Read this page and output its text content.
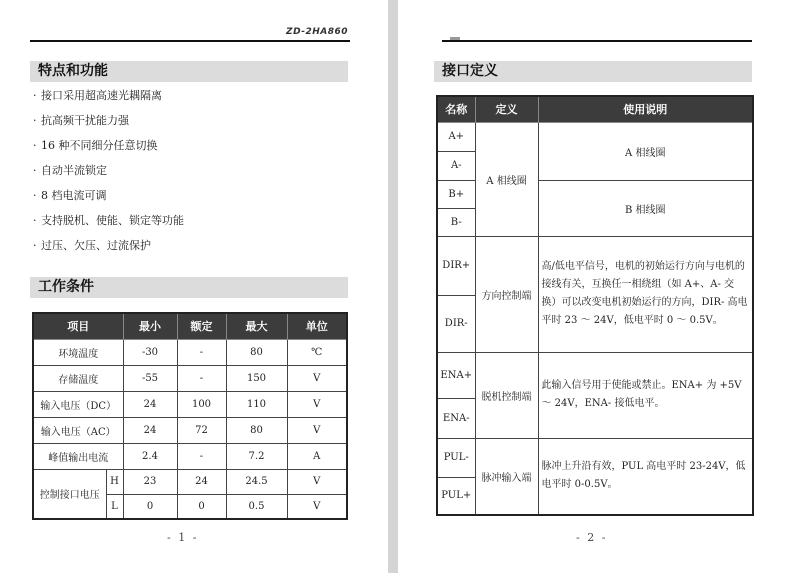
ZD-2HA860
特点和功能
· 接口采用超高速光耦隔离
· 抗高频干扰能力强
· 16 种不同细分任意切换
· 自动半流锁定
· 8 档电流可调
· 支持脱机、使能、锁定等功能
· 过压、欠压、过流保护
工作条件
项目		最小	额定	最大	单位
环境温度		-30	-	80	℃
存储温度		-55	-	150	V
输入电压（DC）		24	100	110	V
输入电压（AC）		24	72	80	V
峰值输出电流		2.4	-	7.2	A
控制接口电压	H	23	24	24.5	V
	L	0	0	0.5	V
- 1 -
接口定义
名称	定义	使用说明
A+	A 相线圈	A 相线圈
A-		
B+		B 相线圈
B-		
DIR+	方向控制端	高/低电平信号，电机的初始运行方向与电机的接线有关，互换任一相绕组（如 A+、A- 交换）可以改变电机初始运行的方向，DIR- 高电平时 23 ～ 24V，低电平时 0 ～ 0.5V。
DIR-		
ENA+	脱机控制端	此输入信号用于使能或禁止。ENA+ 为 +5V ～ 24V，ENA- 接低电平。
ENA-		
PUL-	脉冲输入端	脉冲上升沿有效，PUL 高电平时 23-24V，低电平时 0-0.5V。
PUL+		
- 2 -
